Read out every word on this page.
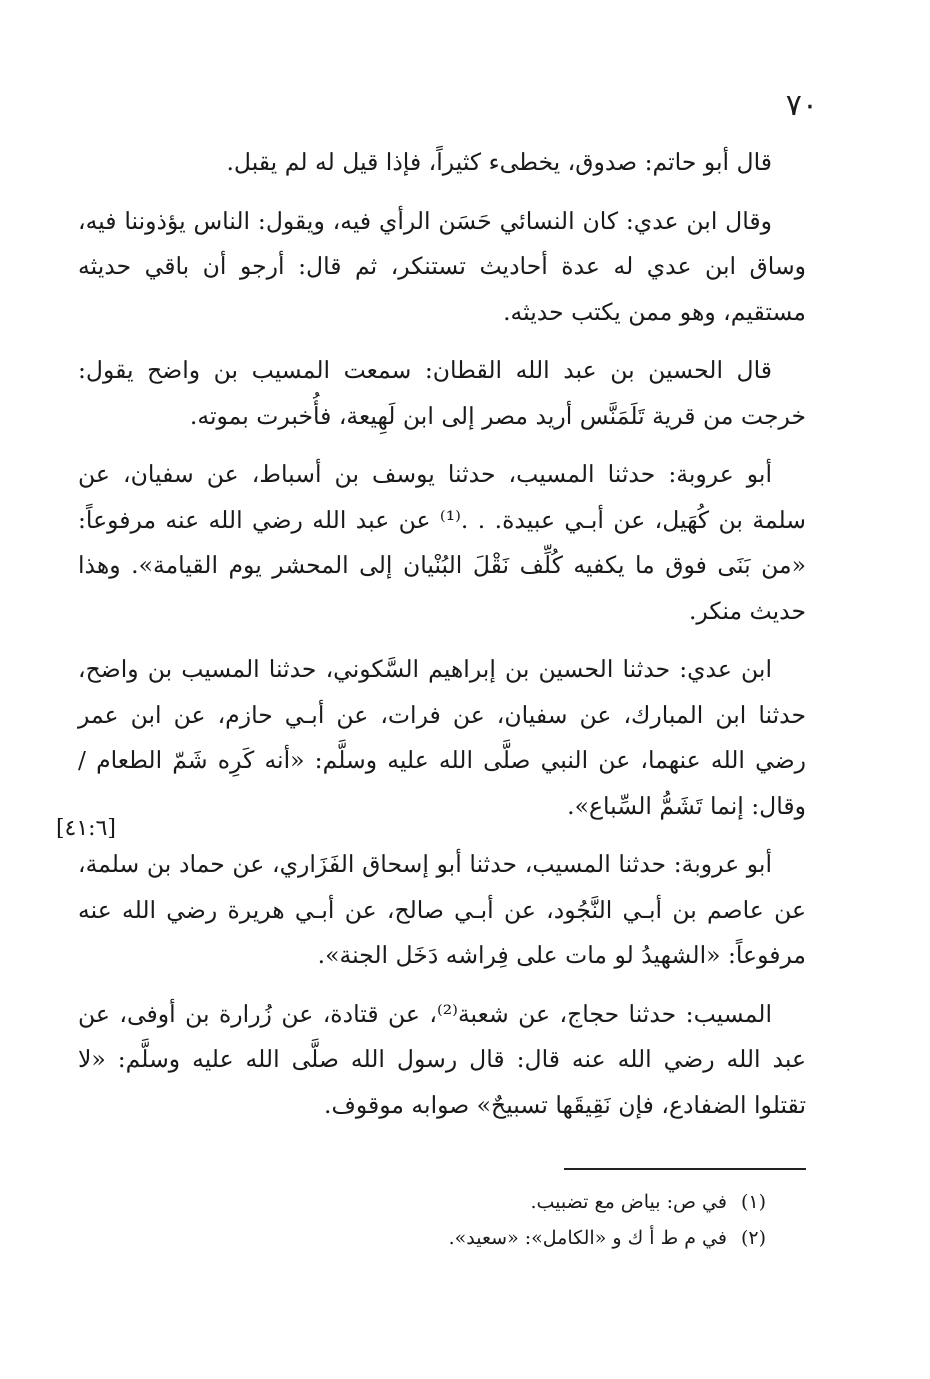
٧٠

قال أبو حاتم: صدوق، يخطىء كثيراً، فإذا قيل له لم يقبل.

وقال ابن عدي: كان النسائي حَسَن الرأي فيه، ويقول: الناس يؤذوننا فيه، وساق ابن عدي له عدة أحاديث تستنكر، ثم قال: أرجو أن باقي حديثه مستقيم، وهو ممن يكتب حديثه.

قال الحسين بن عبد الله القطان: سمعت المسيب بن واضح يقول: خرجت من قرية تَلَمَنَّس أريد مصر إلى ابن لَهِيعة، فأُخبرت بموته.

أبو عروبة: حدثنا المسيب، حدثنا يوسف بن أسباط، عن سفيان، عن سلمة بن كُهَيل، عن أبـي عبيدة. . .⁽¹⁾ عن عبد الله رضي الله عنه مرفوعاً: «من بَنَى فوق ما يكفيه كُلِّف نَقْلَ البُنْيان إلى المحشر يوم القيامة». وهذا حديث منكر.

ابن عدي: حدثنا الحسين بن إبراهيم السَّكوني، حدثنا المسيب بن واضح، حدثنا ابن المبارك، عن سفيان، عن فرات، عن أبـي حازم، عن ابن عمر رضي الله عنهما، عن النبي صلَّى الله عليه وسلَّم: «أنه كَرِه شَمّ الطعام / وقال: إنما تَشَمُّ السِّباع».

أبو عروبة: حدثنا المسيب، حدثنا أبو إسحاق الفَزَاري، عن حماد بن سلمة، عن عاصم بن أبـي النَّجُود، عن أبـي صالح، عن أبـي هريرة رضي الله عنه مرفوعاً: «الشهيدُ لو مات على فِراشه دَخَل الجنة».

المسيب: حدثنا حجاج، عن شعبة⁽²⁾، عن قتادة، عن زُرارة بن أوفى، عن عبد الله رضي الله عنه قال: قال رسول الله صلَّى الله عليه وسلَّم: «لا تقتلوا الضفادع، فإن نَقِيقَها تسبيحٌ» صوابه موقوف.

[٤١:٦]

(١)
في ص: بياض مع تضبيب.

(٢)
في م ط أ ك و «الكامل»: «سعيد».
